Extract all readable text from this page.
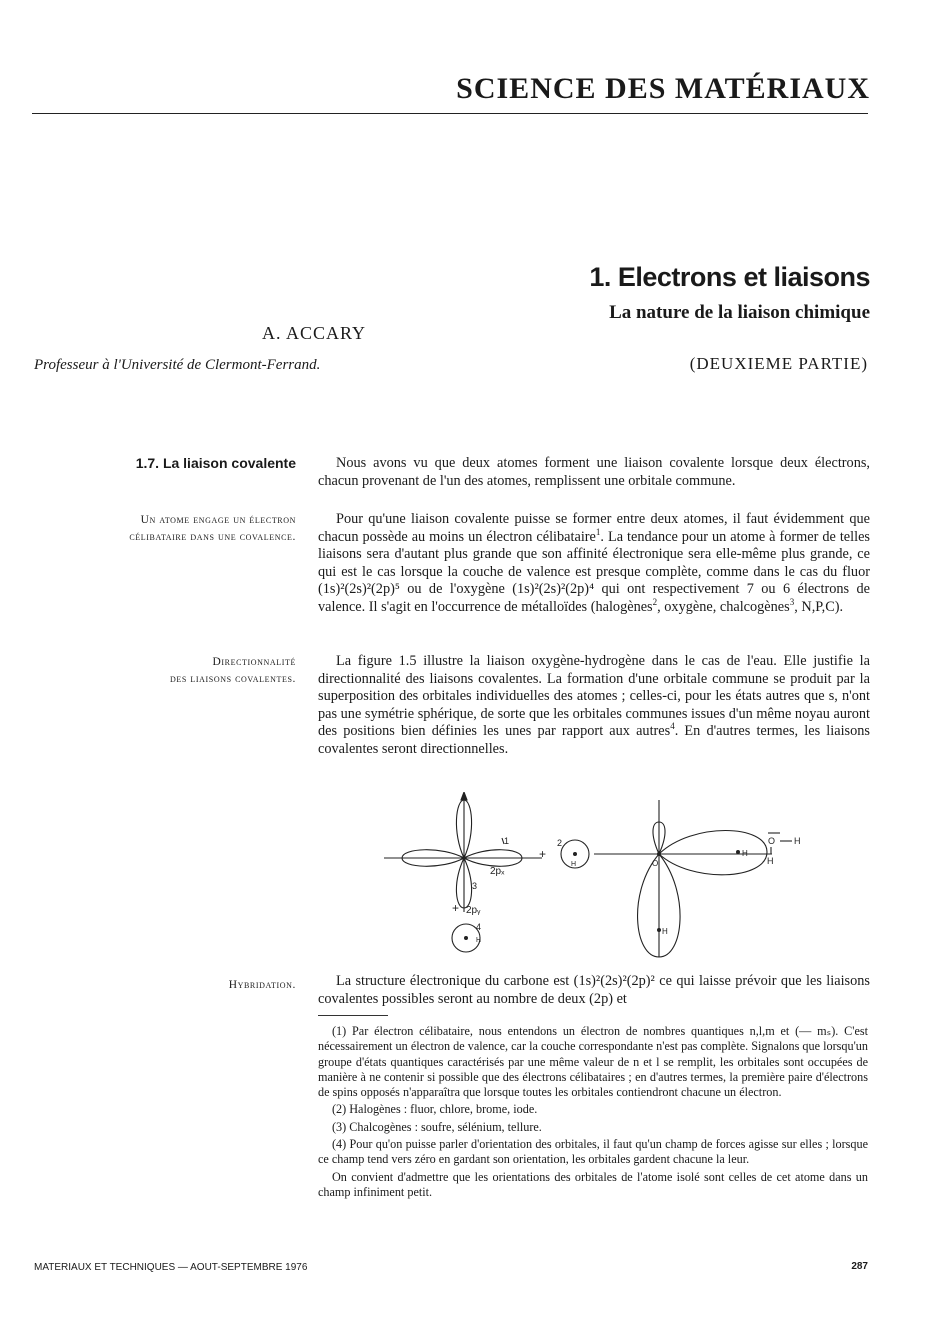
SCIENCE DES MATÉRIAUX
1. Electrons et liaisons
La nature de la liaison chimique
A. ACCARY
Professeur à l'Université de Clermont-Ferrand.	(DEUXIEME PARTIE)
1.7. La liaison covalente
Un atome engage un électron
célibataire dans une covalence.
Directionnalité
des liaisons covalentes.
Hybridation.

Nous avons vu que deux atomes forment une liaison covalente lorsque deux électrons, chacun provenant de l'un des atomes, remplissent une orbitale commune.

Pour qu'une liaison covalente puisse se former entre deux atomes, il faut évidemment que chacun possède au moins un électron célibataire$^1$. La tendance pour un atome à former de telles liaisons sera d'autant plus grande que son affinité électronique sera elle-même plus grande, ce qui est le cas lorsque la couche de valence est presque complète, comme dans le cas du fluor (1s)²(2s)²(2p)⁵ ou de l'oxygène (1s)²(2s)²(2p)⁴ qui ont respectivement 7 ou 6 électrons de valence. Il s'agit en l'occurrence de métalloïdes (halogènes$^2$, oxygène, chalcogènes$^3$, N,P,C).

La figure 1.5 illustre la liaison oxygène-hydrogène dans le cas de l'eau. Elle justifie la directionnalité des liaisons covalentes. La formation d'une orbitale commune se produit par la superposition des orbitales individuelles des atomes ; celles-ci, pour les états autres que s, n'ont pas une symétrie sphérique, de sorte que les orbitales communes issues d'un même noyau auront des positions bien définies les unes par rapport aux autres$^4$. En d'autres termes, les liaisons covalentes seront directionnelles.

1
2pₓ
3
2pᵧ
+
2
H
+
4
H
O
H
H
O H
H

La structure électronique du carbone est (1s)²(2s)²(2p)² ce qui laisse prévoir que les liaisons covalentes possibles seront au nombre de deux (2p) et

(1) Par électron célibataire, nous entendons un électron de nombres quantiques n,l,m et (— mₛ). C'est nécessairement un électron de valence, car la couche correspondante n'est pas complète. Signalons que lorsqu'un groupe d'états quantiques caractérisés par une même valeur de n et l se remplit, les orbitales sont occupées de manière à ne contenir si possible que des électrons célibataires ; en d'autres termes, la première paire d'électrons de spins opposés n'apparaîtra que lorsque toutes les orbitales contiendront chacune un électron.

(2) Halogènes : fluor, chlore, brome, iode.

(3) Chalcogènes : soufre, sélénium, tellure.

(4) Pour qu'on puisse parler d'orientation des orbitales, il faut qu'un champ de forces agisse sur elles ; lorsque ce champ tend vers zéro en gardant son orientation, les orbitales gardent chacune la leur.

On convient d'admettre que les orientations des orbitales de l'atome isolé sont celles de cet atome dans un champ infiniment petit.

MATERIAUX ET TECHNIQUES — AOUT-SEPTEMBRE 1976	287
